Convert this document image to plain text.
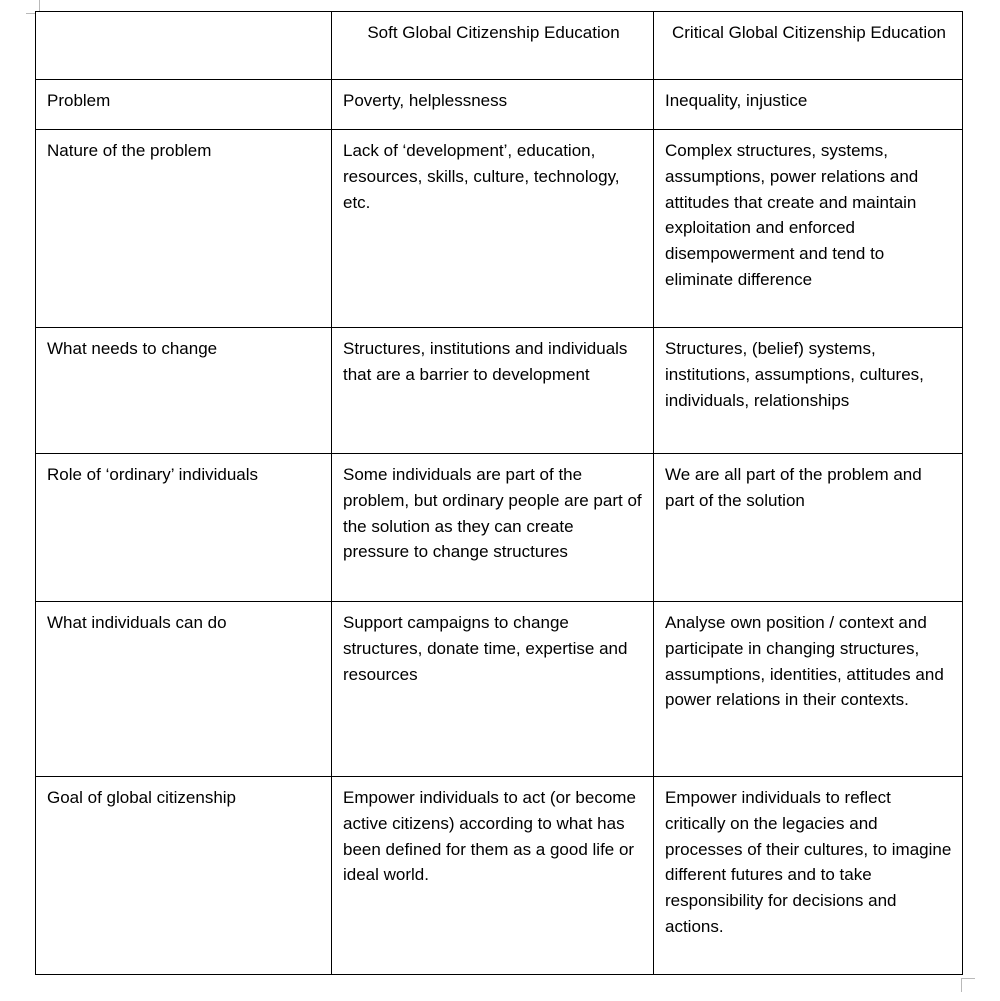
	Soft Global Citizenship Education	Critical Global Citizenship Education

Problem	Poverty, helplessness	Inequality, injustice

Nature of the problem	Lack of ‘development’, education, resources, skills, culture, technology, etc.	Complex structures, systems, assumptions, power relations and attitudes that create and maintain exploitation and enforced disempowerment and tend to eliminate difference

What needs to change	Structures, institutions and individuals that are a barrier to development	Structures, (belief) systems, institutions, assumptions, cultures, individuals, relationships

Role of ‘ordinary’ individuals	Some individuals are part of the problem, but ordinary people are part of the solution as they can create pressure to change structures	We are all part of the problem and part of the solution

What individuals can do	Support campaigns to change structures, donate time, expertise and resources	Analyse own position / context and participate in changing structures, assumptions, identities, attitudes and power relations in their contexts.

Goal of global citizenship	Empower individuals to act (or become active citizens) according to what has been defined for them as a good life or ideal world.	Empower individuals to reflect critically on the legacies and processes of their cultures, to imagine different futures and to take responsibility for decisions and actions.
